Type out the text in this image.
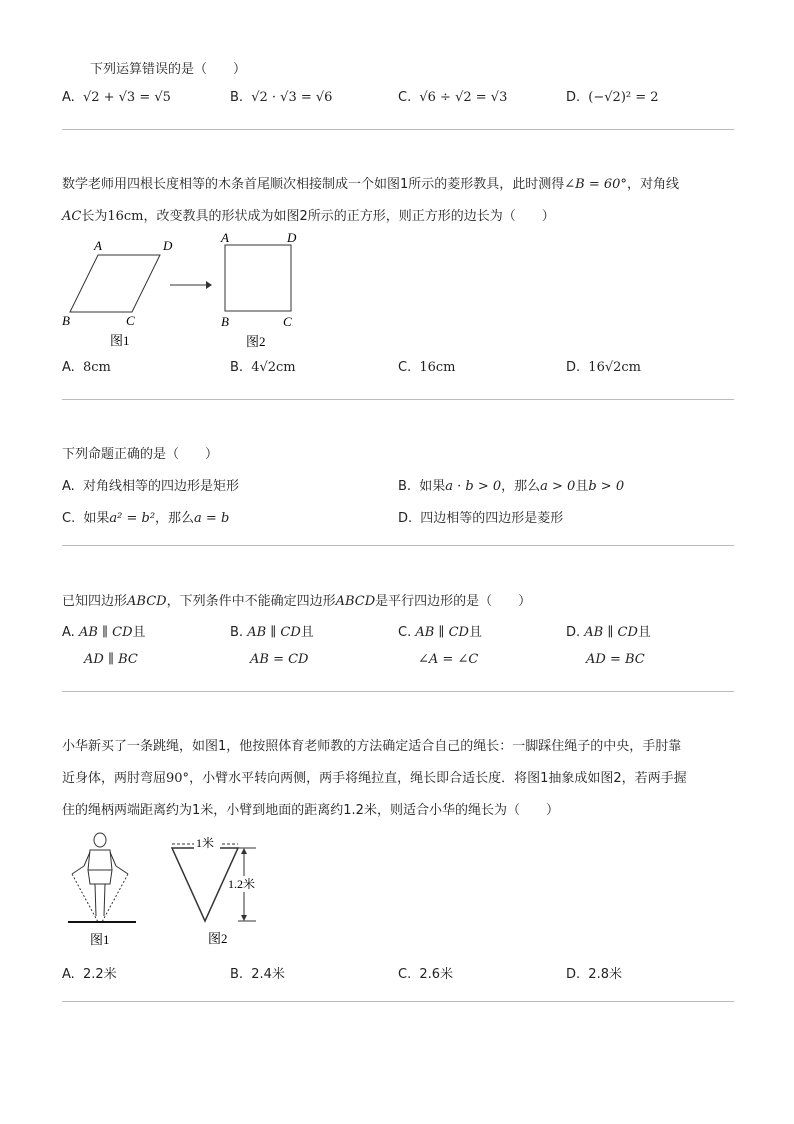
下列运算错误的是（　　）
A. √2 + √3 = √5	B. √2 · √3 = √6	C. √6 ÷ √2 = √3	D. (−√2)² = 2
数学老师用四根长度相等的木条首尾顺次相接制成一个如图1所示的菱形教具，此时测得∠B = 60°，对角线
AC长为16cm，改变教具的形状成为如图2所示的正方形，则正方形的边长为（　　）
A	D
B	C
图1
A	D
B	C
图2
A. 8cm	B. 4√2cm	C. 16cm	D. 16√2cm
下列命题正确的是（　　）
A. 对角线相等的四边形是矩形	B. 如果a · b > 0，那么a > 0且b > 0
C. 如果a² = b²，那么a = b	D. 四边相等的四边形是菱形
已知四边形ABCD，下列条件中不能确定四边形ABCD是平行四边形的是（　　）
A. AB ∥ CD且
AD ∥ BC
B. AB ∥ CD且
AB = CD
C. AB ∥ CD且
∠A = ∠C
D. AB ∥ CD且
AD = BC
小华新买了一条跳绳，如图1，他按照体育老师教的方法确定适合自己的绳长：一脚踩住绳子的中央，手肘靠
近身体，两肘弯屈90°，小臂水平转向两侧，两手将绳拉直，绳长即合适长度．将图1抽象成如图2，若两手握
住的绳柄两端距离约为1米，小臂到地面的距离约1.2米，则适合小华的绳长为（　　）
图1
1米
1.2米
图2
A. 2.2米	B. 2.4米	C. 2.6米	D. 2.8米
